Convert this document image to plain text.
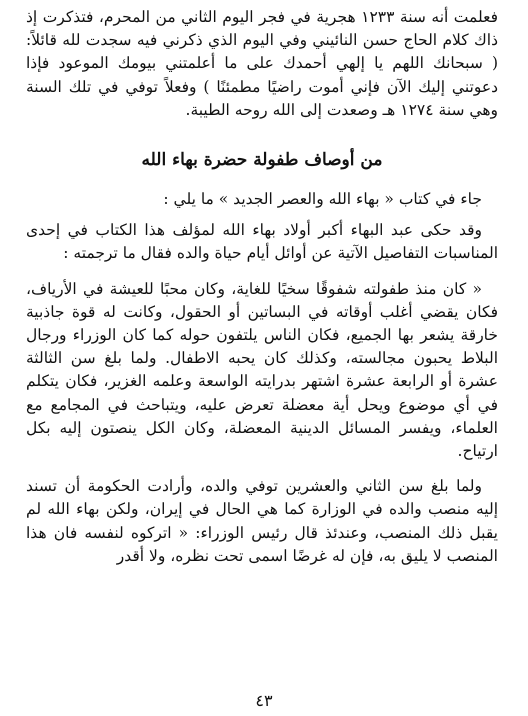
فعلمت أنه سنة ١٢٣٣ هجرية في فجر اليوم الثاني من المحرم، فتذكرت إذ ذاك كلام الحاج حسن النائيني وفي اليوم الذي ذكرني فيه سجدت لله قائلاً: ( سبحانك اللهم يا إلهي أحمدك على ما أعلمتني بيومك الموعود فإذا دعوتني إليك الآن فإني أموت راضيًا مطمئنًا ) وفعلاً توفي في تلك السنة وهي سنة ١٢٧٤ هـ وصعدت إلى الله روحه الطيبة.

من أوصاف طفولة حضرة بهاء الله

جاء في كتاب « بهاء الله والعصر الجديد » ما يلي :

وقد حكى عبد البهاء أكبر أولاد بهاء الله لمؤلف هذا الكتاب في إحدى المناسبات التفاصيل الآتية عن أوائل أيام حياة والده فقال ما ترجمته :

« كان منذ طفولته شفوقًا سخيًا للغاية، وكان محبًا للعيشة في الأرياف، فكان يقضي أغلب أوقاته في البساتين أو الحقول، وكانت له قوة جاذبية خارقة يشعر بها الجميع، فكان الناس يلتفون حوله كما كان الوزراء ورجال البلاط يحبون مجالسته، وكذلك كان يحبه الاطفال. ولما بلغ سن الثالثة عشرة أو الرابعة عشرة اشتهر بدرايته الواسعة وعلمه الغزير، فكان يتكلم في أي موضوع ويحل أية معضلة تعرض عليه، ويتباحث في المجامع مع العلماء، ويفسر المسائل الدينية المعضلة، وكان الكل ينصتون إليه بكل ارتياح.

ولما بلغ سن الثاني والعشرين توفي والده، وأرادت الحكومة أن تسند إليه منصب والده في الوزارة كما هي الحال في إيران، ولكن بهاء الله لم يقبل ذلك المنصب، وعندئذ قال رئيس الوزراء: « اتركوه لنفسه فان هذا المنصب لا يليق به، فإن له غرضًا اسمى تحت نظره، ولا أقدر

٤٣
